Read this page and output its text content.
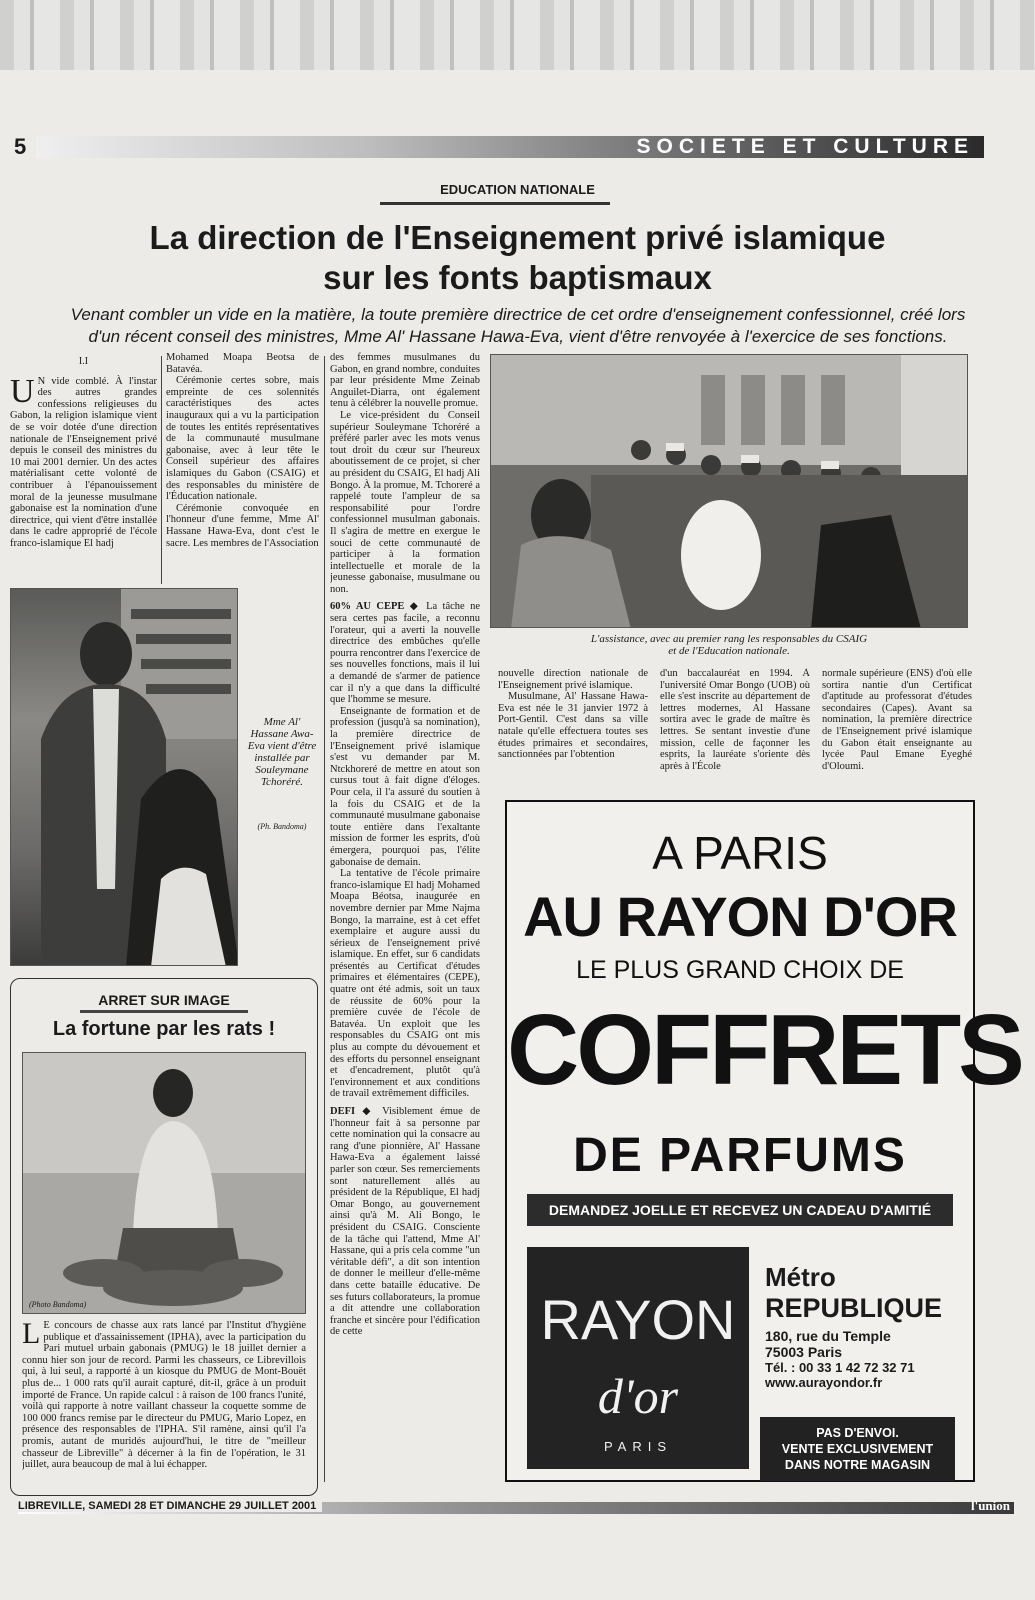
5	SOCIETE ET CULTURE
EDUCATION NATIONALE
La direction de l'Enseignement privé islamique
sur les fonts baptismaux
Venant combler un vide en la matière, la toute première directrice de cet ordre d'enseignement confessionnel, créé lors
d'un récent conseil des ministres, Mme Al' Hassane Hawa-Eva, vient d'être renvoyée à l'exercice de ses fonctions.
I.I
U N vide comblé. À l'instar des autres grandes confessions religieuses du Gabon, la religion islamique vient de se voir dotée d'une direction nationale de l'Enseignement privé depuis le conseil des ministres du 10 mai 2001 dernier. Un des actes matérialisant cette volonté de contribuer à l'épanouissement moral de la jeunesse musulmane gabonaise est la nomination d'une directrice, qui vient d'être installée dans le cadre approprié de l'école franco-islamique El hadj

Mohamed Moapa Beotsa de Batavéa.

Cérémonie certes sobre, mais empreinte de ces solennités caractéristiques des actes inauguraux qui a vu la participation de toutes les entités représentatives de la communauté musulmane gabonaise, avec à leur tête le Conseil supérieur des affaires islamiques du Gabon (CSAIG) et des responsables du ministère de l'Éducation nationale.

Cérémonie convoquée en l'honneur d'une femme, Mme Al' Hassane Hawa-Eva, dont c'est le sacre. Les membres de l'Association

Mme Al' Hassane Awa-Eva vient d'être installée par Souleymane Tchoréré.
(Ph. Bandoma)

des femmes musulmanes du Gabon, en grand nombre, conduites par leur présidente Mme Zeinab Anguilet-Diarra, ont également tenu à célébrer la nouvelle promue.

Le vice-président du Conseil supérieur Souleymane Tchoréré a préféré parler avec les mots venus tout droit du cœur sur l'heureux aboutissement de ce projet, si cher au président du CSAIG, El hadj Ali Bongo. À la promue, M. Tchoreré a rappelé toute l'ampleur de sa responsabilité pour l'ordre confessionnel musulman gabonais. Il s'agira de mettre en exergue le souci de cette communauté de participer à la formation intellectuelle et morale de la jeunesse gabonaise, musulmane ou non.

60% AU CEPE ◆ La tâche ne sera certes pas facile, a reconnu l'orateur, qui a averti la nouvelle directrice des embûches qu'elle pourra rencontrer dans l'exercice de ses nouvelles fonctions, mais il lui a demandé de s'armer de patience car il n'y a que dans la difficulté que l'homme se mesure.

Enseignante de formation et de profession (jusqu'à sa nomination), la première directrice de l'Enseignement privé islamique s'est vu demander par M. Ntckhoreré de mettre en atout son cursus tout à fait digne d'éloges. Pour cela, il l'a assuré du soutien à la fois du CSAIG et de la communauté musulmane gabonaise toute entière dans l'exaltante mission de former les esprits, d'où émergera, pourquoi pas, l'élite gabonaise de demain.

La tentative de l'école primaire franco-islamique El hadj Mohamed Moapa Béotsa, inaugurée en novembre dernier par Mme Najma Bongo, la marraine, est à cet effet exemplaire et augure aussi du sérieux de l'enseignement privé islamique. En effet, sur 6 candidats présentés au Certificat d'études primaires et élémentaires (CEPE), quatre ont été admis, soit un taux de réussite de 60% pour la première cuvée de l'école de Batavéa. Un exploit que les responsables du CSAIG ont mis plus au compte du dévouement et des efforts du personnel enseignant et d'encadrement, plutôt qu'à l'environnement et aux conditions de travail extrêmement difficiles.

DEFI ◆ Visiblement émue de l'honneur fait à sa personne par cette nomination qui la consacre au rang d'une pionnière, Al' Hassane Hawa-Eva a également laissé parler son cœur. Ses remerciements sont naturellement allés au président de la République, El hadj Omar Bongo, au gouvernement ainsi qu'à M. Ali Bongo, le président du CSAIG. Consciente de la tâche qui l'attend, Mme Al' Hassane, qui a pris cela comme "un véritable défi", a dit son intention de donner le meilleur d'elle-même dans cette bataille éducative. De ses futurs collaborateurs, la promue a dit attendre une collaboration franche et sincère pour l'édification de cette

L'assistance, avec au premier rang les responsables du CSAIG
et de l'Education nationale.

nouvelle direction nationale de l'Enseignement privé islamique.

Musulmane, Al' Hassane Hawa-Eva est née le 31 janvier 1972 à Port-Gentil. C'est dans sa ville natale qu'elle effectuera toutes ses études primaires et secondaires, sanctionnées par l'obtention

d'un baccalauréat en 1994. À l'université Omar Bongo (UOB) où elle s'est inscrite au département de lettres modernes, Al Hassane sortira avec le grade de maître ès lettres. Se sentant investie d'une mission, celle de façonner les esprits, la lauréate s'oriente dès après à l'École

normale supérieure (ENS) d'où elle sortira nantie d'un Certificat d'aptitude au professorat d'études secondaires (Capes). Avant sa nomination, la première directrice de l'Enseignement privé islamique du Gabon était enseignante au lycée Paul Emane Eyeghé d'Oloumi.

ARRET SUR IMAGE
La fortune par les rats !
(Photo Bandoma)
L E concours de chasse aux rats lancé par l'Institut d'hygiène publique et d'assainissement (IPHA), avec la participation du Pari mutuel urbain gabonais (PMUG) le 18 juillet dernier a connu hier son jour de record. Parmi les chasseurs, ce Librevillois qui, à lui seul, a rapporté à un kiosque du PMUG de Mont-Bouët plus de... 1 000 rats qu'il aurait capturé, dit-il, grâce à un produit importé de France. Un rapide calcul : à raison de 100 francs l'unité, voilà qui rapporte à notre vaillant chasseur la coquette somme de 100 000 francs remise par le directeur du PMUG, Mario Lopez, en présence des responsables de l'IPHA. S'il ramène, ainsi qu'il l'a promis, autant de muridés aujourd'hui, le titre de "meilleur chasseur de Libreville" à décerner à la fin de l'opération, le 31 juillet, aura beaucoup de mal à lui échapper.
A PARIS
AU RAYON D'OR
LE PLUS GRAND CHOIX DE
COFFRETS
DE PARFUMS
DEMANDEZ JOELLE ET RECEVEZ UN CADEAU D'AMITIÉ
RAYON
d'or
PARIS
Métro
REPUBLIQUE
180, rue du Temple
75003 Paris
Tél. : 00 33 1 42 72 32 71
www.aurayondor.fr
PAS D'ENVOI.
VENTE EXCLUSIVEMENT
DANS NOTRE MAGASIN
LIBREVILLE, SAMEDI 28 ET DIMANCHE 29 JUILLET 2001	l'union
